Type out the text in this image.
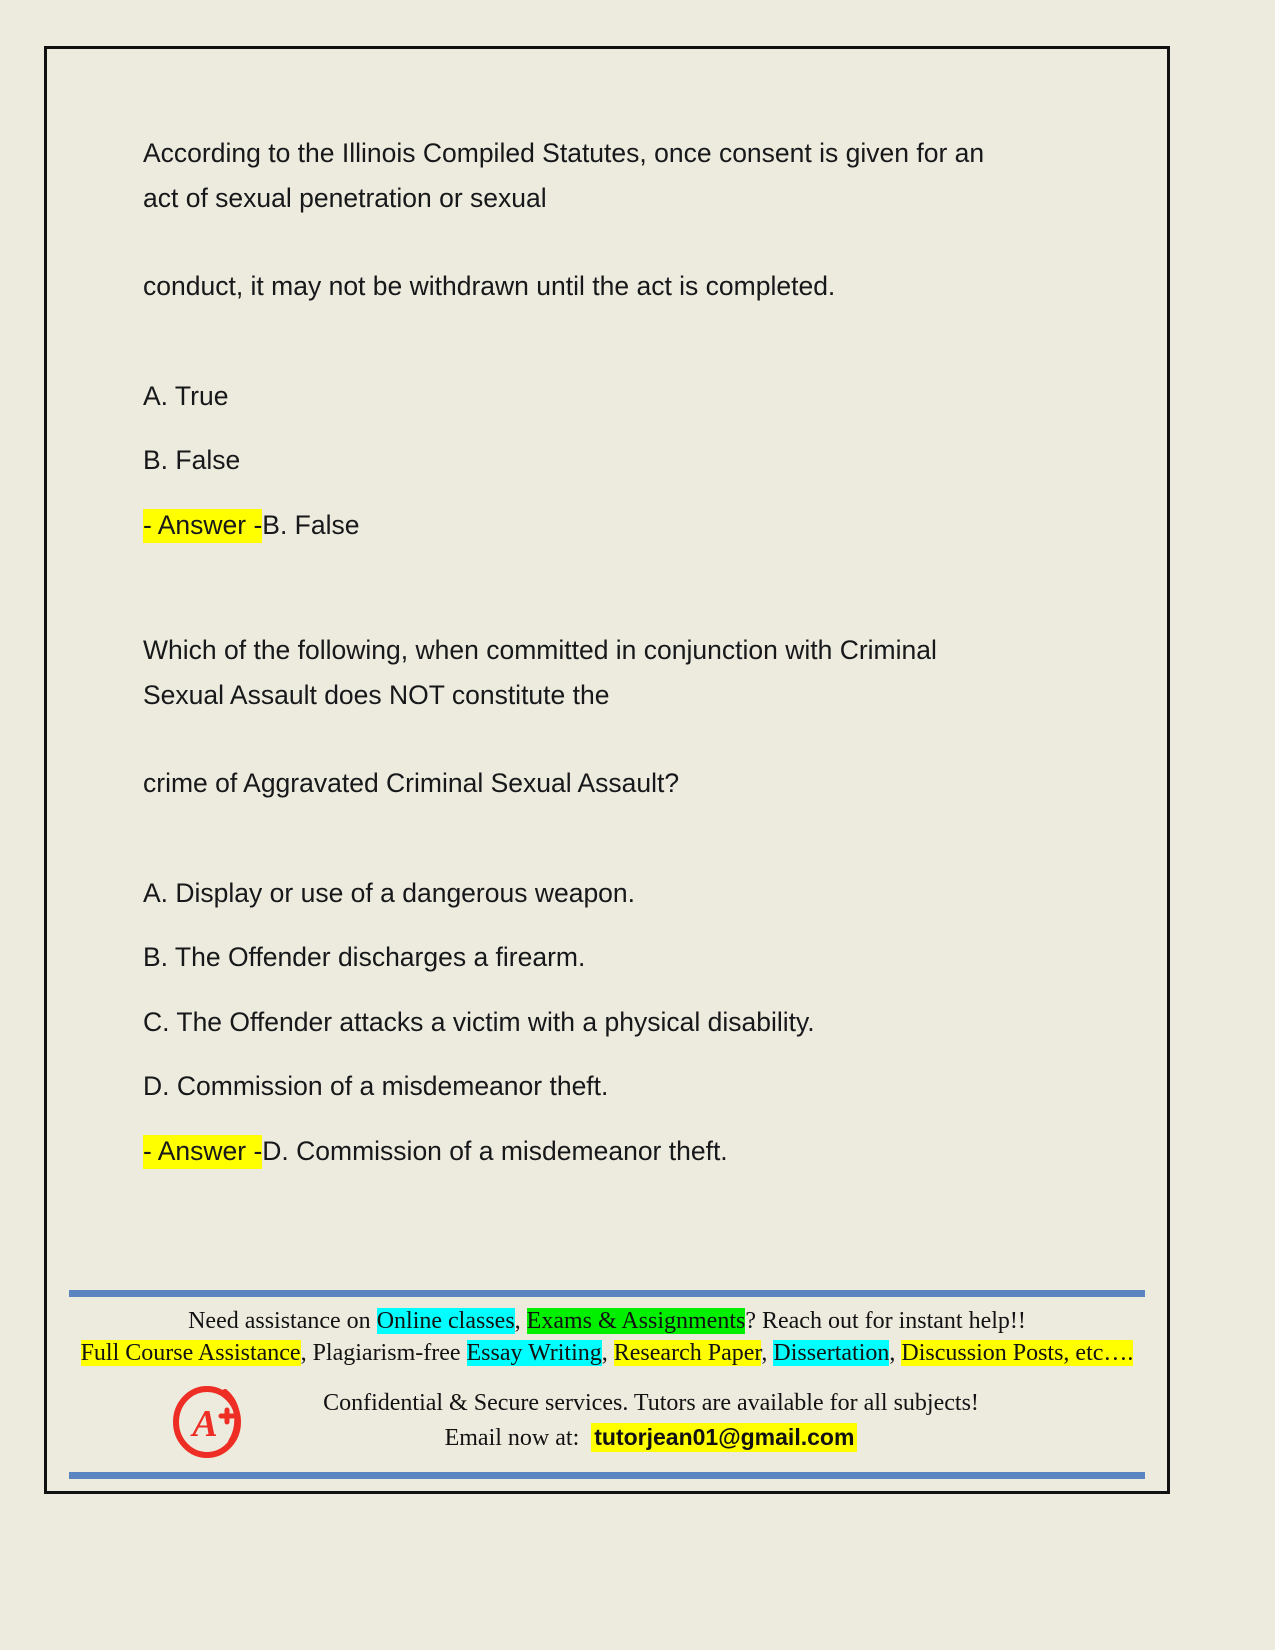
According to the Illinois Compiled Statutes, once consent is given for an
act of sexual penetration or sexual
conduct, it may not be withdrawn until the act is completed.
A. True
B. False
- Answer -B. False
Which of the following, when committed in conjunction with Criminal
Sexual Assault does NOT constitute the
crime of Aggravated Criminal Sexual Assault?
A. Display or use of a dangerous weapon.
B. The Offender discharges a firearm.
C. The Offender attacks a victim with a physical disability.
D. Commission of a misdemeanor theft.
- Answer -D. Commission of a misdemeanor theft.
Need assistance on Online classes, Exams & Assignments? Reach out for instant help!!
Full Course Assistance, Plagiarism-free Essay Writing, Research Paper, Dissertation, Discussion Posts, etc….
A	Confidential & Secure services. Tutors are available for all subjects!
Email now at: tutorjean01@gmail.com
